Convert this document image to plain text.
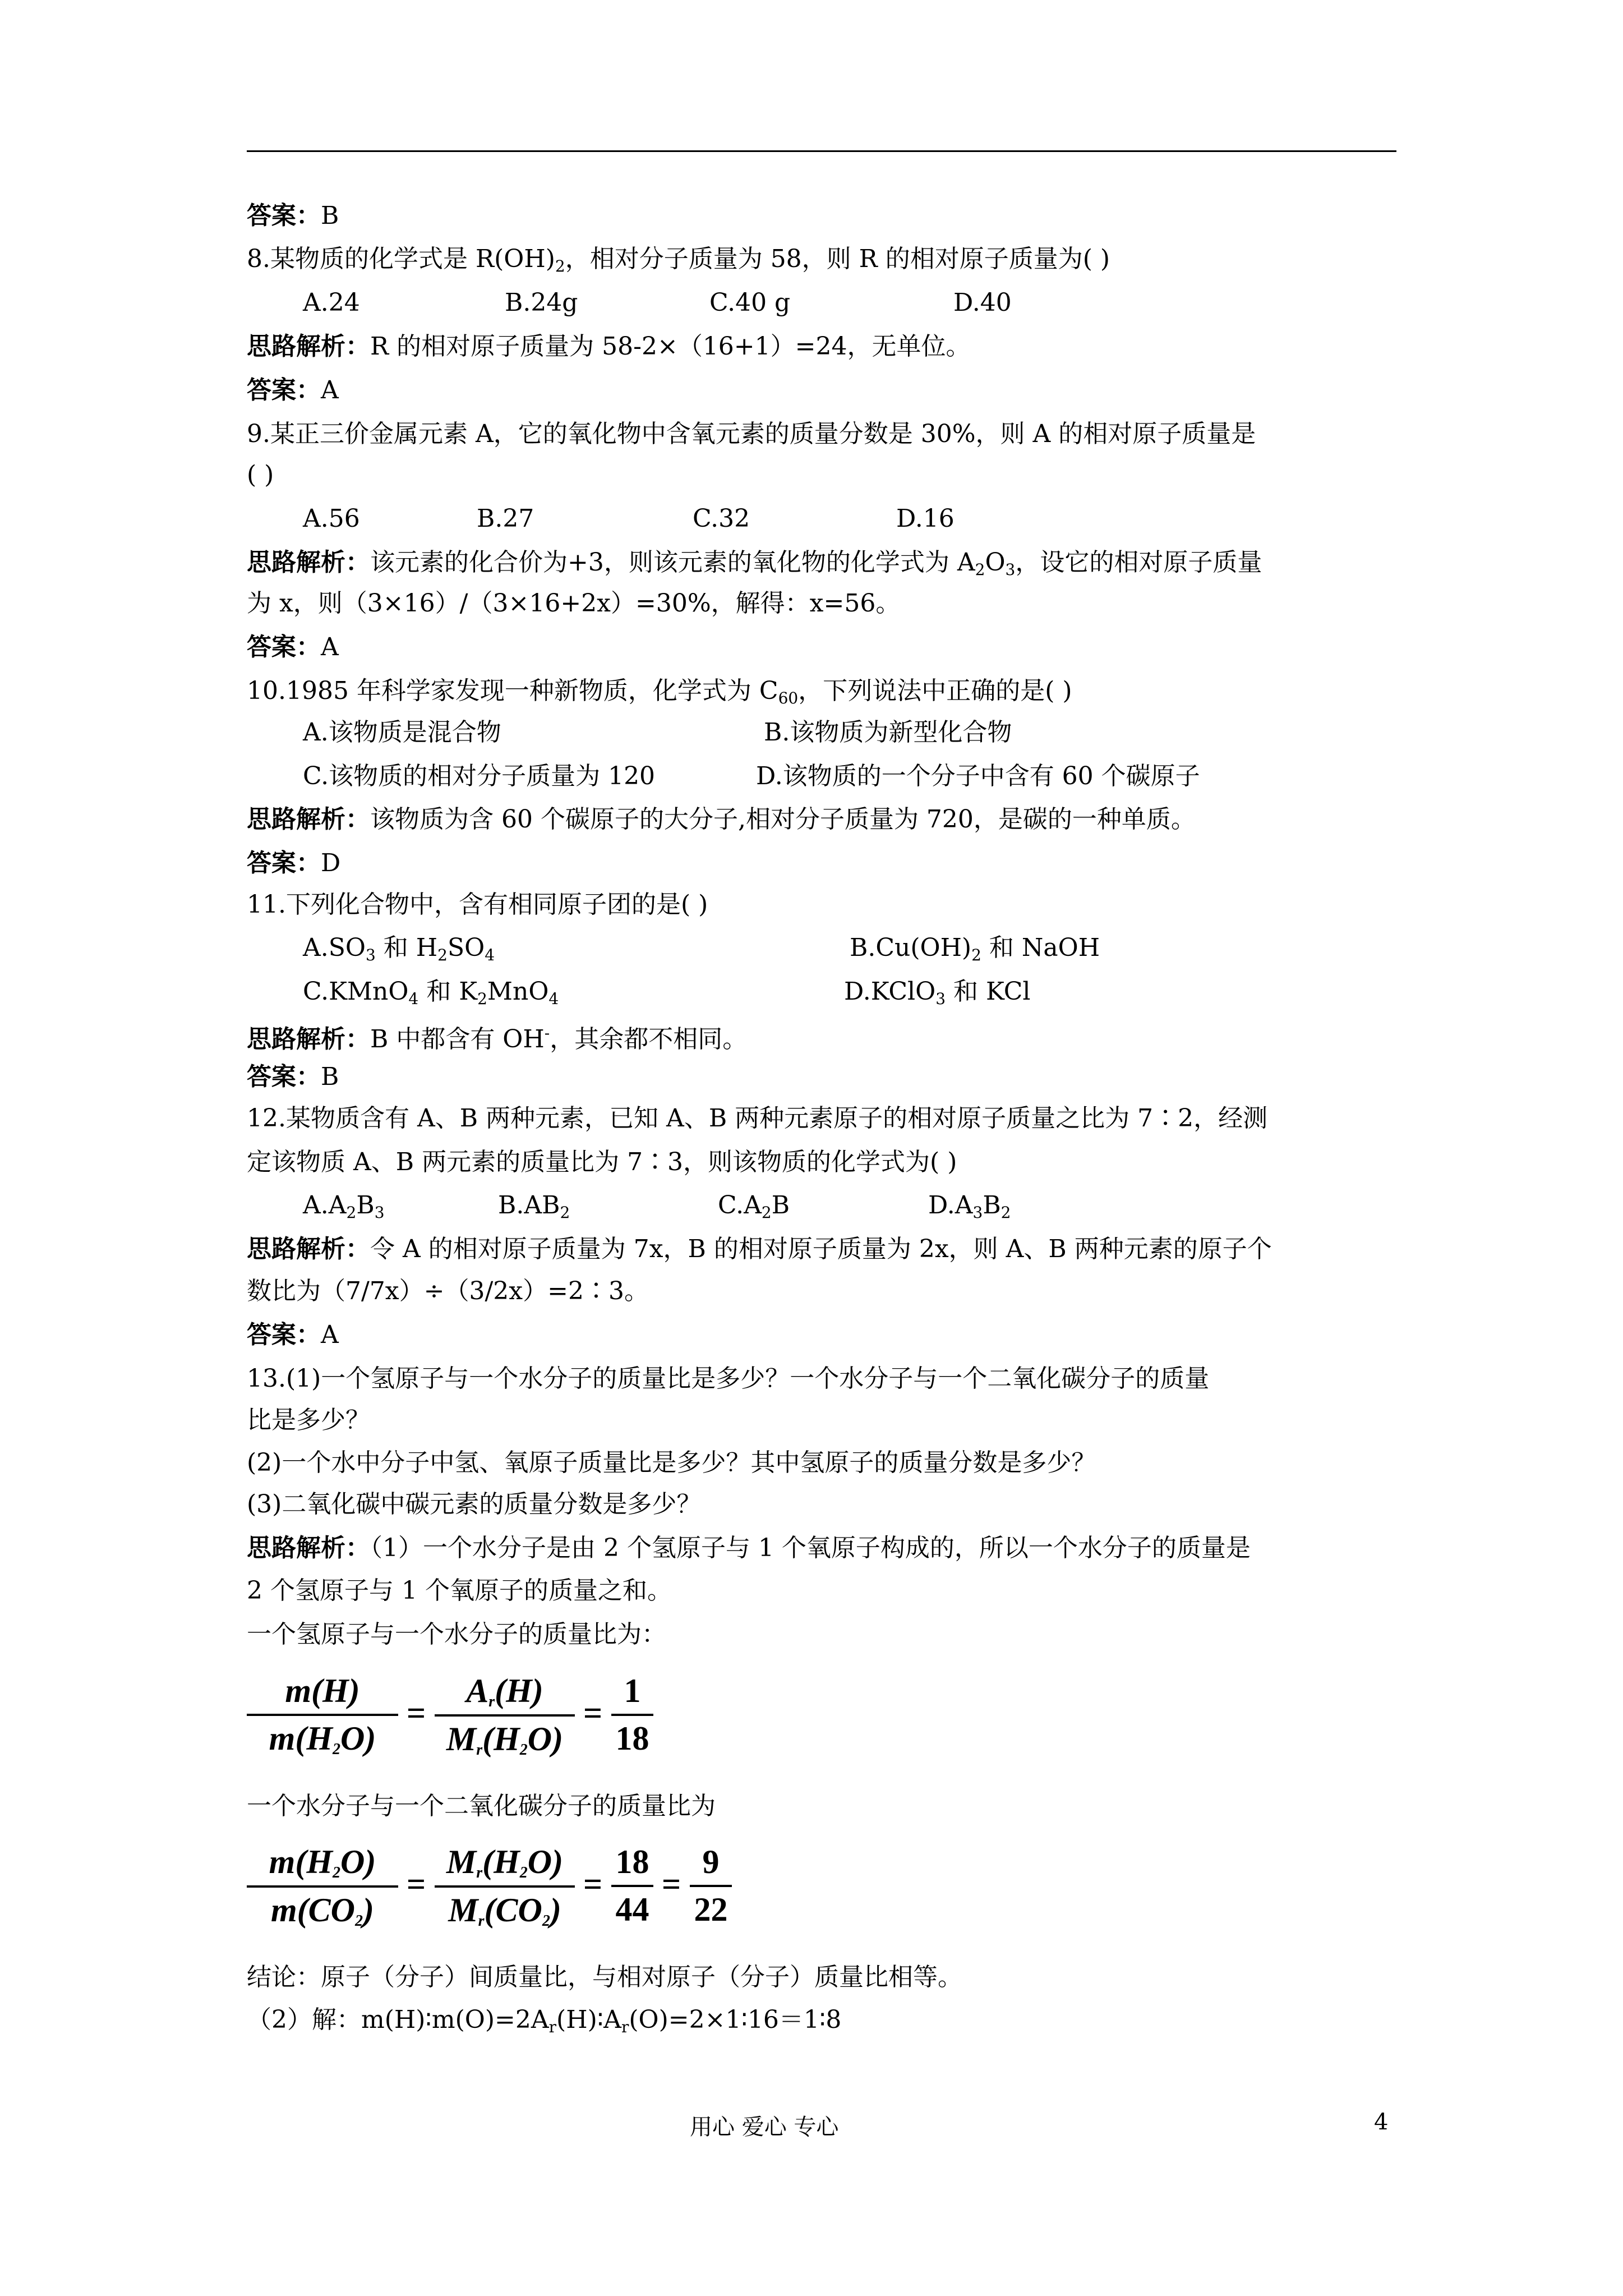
答案：B
8.某物质的化学式是 $R(OH)_2$，相对分子质量为 58，则 R 的相对原子质量为( )
A.24	B.24g	C.40 g	D.40
思路解析：R 的相对原子质量为 58-2×（16+1）=24，无单位。
答案：A
9.某正三价金属元素 A，它的氧化物中含氧元素的质量分数是 30%，则 A 的相对原子质量是
( )
A.56	B.27	C.32	D.16
思路解析：该元素的化合价为+3，则该元素的氧化物的化学式为 $A_2O_3$，设它的相对原子质量
为 x，则（3×16）/（3×16+2x）=30%，解得：x=56。
答案：A
10.1985 年科学家发现一种新物质，化学式为 $C_{60}$，下列说法中正确的是( )
A.该物质是混合物	B.该物质为新型化合物
C.该物质的相对分子质量为 120	D.该物质的一个分子中含有 60 个碳原子
思路解析：该物质为含 60 个碳原子的大分子,相对分子质量为 720，是碳的一种单质。
答案：D
11.下列化合物中，含有相同原子团的是( )
$A.SO_3$ 和 $H_2SO_4$	$B.Cu(OH)_2$ 和 NaOH
C.KMnO$_4$ 和 $K_2MnO_4$	D.KClO$_3$ 和 KCl
思路解析：B 中都含有 OH-，其余都不相同。
答案：B
12.某物质含有 A、B 两种元素，已知 A、B 两种元素原子的相对原子质量之比为 7∶2，经测
定该物质 A、B 两元素的质量比为 7∶3，则该物质的化学式为( )
$A.A_2B_3$	$B.AB_2$	$C.A_2B$	$D.A_3B_2$
思路解析：令 A 的相对原子质量为 7x，B 的相对原子质量为 2x，则 A、B 两种元素的原子个
数比为（7/7x）÷（3/2x）=2∶3。
答案：A
13.(1)一个氢原子与一个水分子的质量比是多少？一个水分子与一个二氧化碳分子的质量
比是多少？
(2)一个水中分子中氢、氧原子质量比是多少？其中氢原子的质量分数是多少？
(3)二氧化碳中碳元素的质量分数是多少？
思路解析：（1）一个水分子是由 2 个氢原子与 1 个氧原子构成的，所以一个水分子的质量是
2 个氢原子与 1 个氧原子的质量之和。
一个氢原子与一个水分子的质量比为：
m(H)
$m(H_2O)$
=
$A_r(H)$
$M_r(H_2O)$
=
1
18
一个水分子与一个二氧化碳分子的质量比为
$m(H_2O)$
$m(CO_2)$
=
$M_r(H_2O)$
$M_r(CO_2)$
=
18
44
=
9
22
结论：原子（分子）间质量比，与相对原子（分子）质量比相等。
（2）解：$m(H)∶m(O)=2A_r(H)∶A_r(O)=2\times 1∶16=1∶8$
用心 爱心 专心	4
